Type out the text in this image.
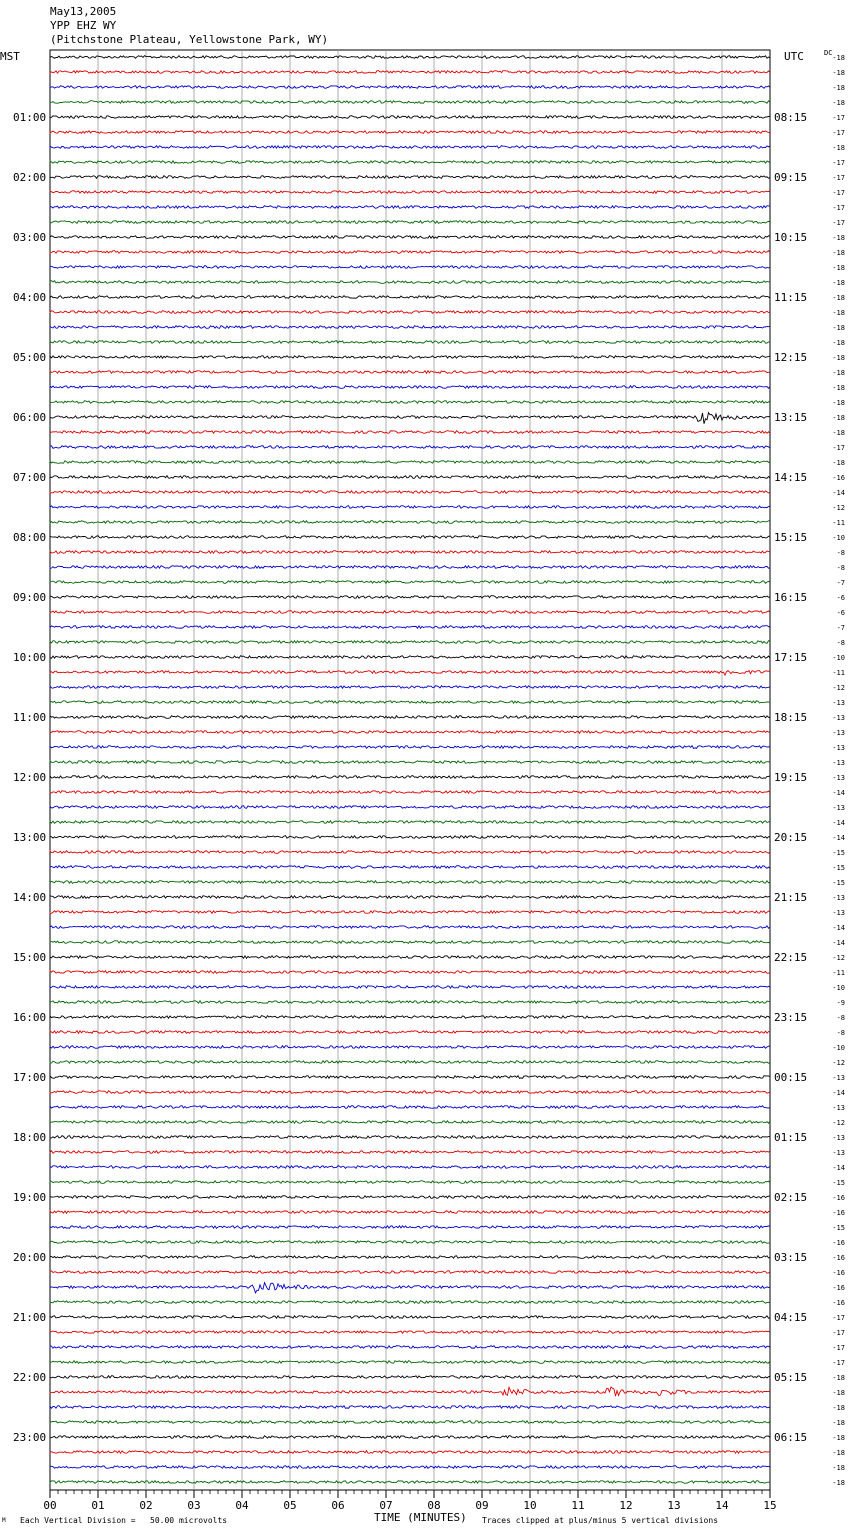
May13,2005
YPP EHZ WY
(Pitchstone Plateau, Yellowstone Park, WY)
MST	UTC	DC
-18
-18
-18
-18
-17
-17
-18
-17
-17
-17
-17
-17
-18
-18
-18
-18
-18
-18
-18
-18
-18
-18
-18
-18
-18
-18
-17
-18
-16
-14
-12
-11
-10
-8
-8
-7
-6
-6
-7
-8
-10
-11
-12
-13
-13
-13
-13
-13
-13
-14
-13
-14
-14
-15
-15
-15
-13
-13
-14
-14
-12
-11
-10
-9
-8
-8
-10
-12
-13
-14
-13
-12
-13
-13
-14
-15
-16
-16
-15
-16
-16
-16
-16
-16
-17
-17
-17
-17
-18
-18
-18
-18
-18
-18
-18
-18
01:00
02:00
03:00
04:00
05:00
06:00
07:00
08:00
09:00
10:00
11:00
12:00
13:00
14:00
15:00
16:00
17:00
18:00
19:00
20:00
21:00
22:00
23:00
08:15
09:15
10:15
11:15
12:15
13:15
14:15
15:15
16:15
17:15
18:15
19:15
20:15
21:15
22:15
23:15
00:15
01:15
02:15
03:15
04:15
05:15
06:15
00	01	02	03	04	05	06	07	08	09	10	11	12	13	14	15
M Each Vertical Division =   50.00 microvolts	Traces clipped at plus/minus 5 vertical divisions
TIME (MINUTES)
